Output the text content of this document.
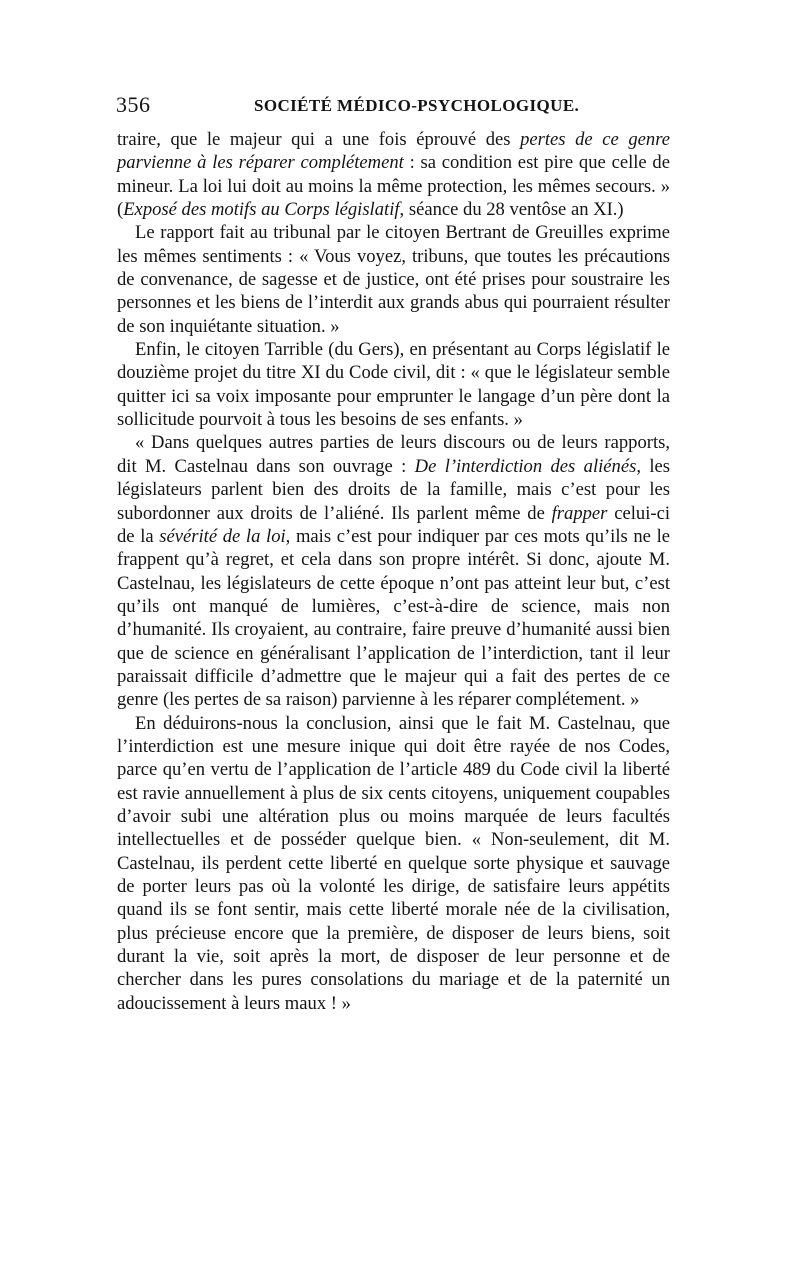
356	SOCIÉTÉ MÉDICO-PSYCHOLOGIQUE.

traire, que le majeur qui a une fois éprouvé des pertes de ce genre parvienne à les réparer complétement : sa condition est pire que celle de mineur. La loi lui doit au moins la même protection, les mêmes secours. » (Exposé des motifs au Corps législatif, séance du 28 ventôse an XI.)

Le rapport fait au tribunal par le citoyen Bertrant de Greuilles exprime les mêmes sentiments : « Vous voyez, tribuns, que toutes les précautions de convenance, de sagesse et de justice, ont été prises pour soustraire les personnes et les biens de l’interdit aux grands abus qui pourraient résulter de son inquiétante situation. »

Enfin, le citoyen Tarrible (du Gers), en présentant au Corps législatif le douzième projet du titre XI du Code civil, dit : « que le législateur semble quitter ici sa voix imposante pour emprunter le langage d’un père dont la sollicitude pourvoit à tous les besoins de ses enfants. »

« Dans quelques autres parties de leurs discours ou de leurs rapports, dit M. Castelnau dans son ouvrage : De l’interdiction des aliénés, les législateurs parlent bien des droits de la famille, mais c’est pour les subordonner aux droits de l’aliéné. Ils parlent même de frapper celui-ci de la sévérité de la loi, mais c’est pour indiquer par ces mots qu’ils ne le frappent qu’à regret, et cela dans son propre intérêt. Si donc, ajoute M. Castelnau, les législateurs de cette époque n’ont pas atteint leur but, c’est qu’ils ont manqué de lumières, c’est-à-dire de science, mais non d’humanité. Ils croyaient, au contraire, faire preuve d’humanité aussi bien que de science en généralisant l’application de l’interdiction, tant il leur paraissait difficile d’admettre que le majeur qui a fait des pertes de ce genre (les pertes de sa raison) parvienne à les réparer complétement. »

En déduirons-nous la conclusion, ainsi que le fait M. Castelnau, que l’interdiction est une mesure inique qui doit être rayée de nos Codes, parce qu’en vertu de l’application de l’article 489 du Code civil la liberté est ravie annuellement à plus de six cents citoyens, uniquement coupables d’avoir subi une altération plus ou moins marquée de leurs facultés intellectuelles et de posséder quelque bien. « Non-seulement, dit M. Castelnau, ils perdent cette liberté en quelque sorte physique et sauvage de porter leurs pas où la volonté les dirige, de satisfaire leurs appétits quand ils se font sentir, mais cette liberté morale née de la civilisation, plus précieuse encore que la première, de disposer de leurs biens, soit durant la vie, soit après la mort, de disposer de leur personne et de chercher dans les pures consolations du mariage et de la paternité un adoucissement à leurs maux ! »
